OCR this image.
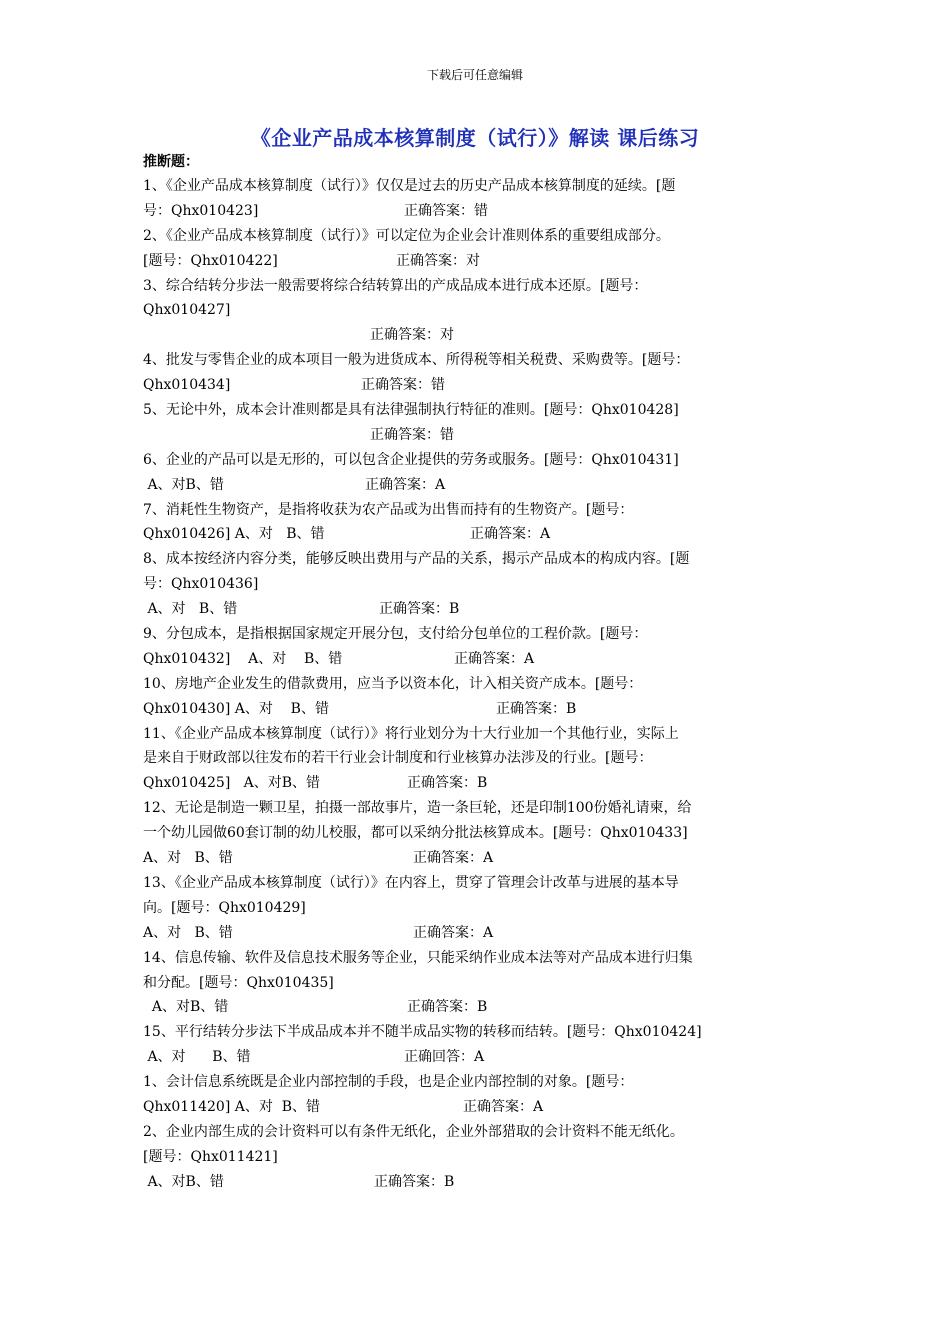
下载后可任意编辑
《企业产品成本核算制度（试行）》解读 课后练习
推断题：
1、《企业产品成本核算制度（试行）》仅仅是过去的历史产品成本核算制度的延续。[题
号：Qhx010423]	正确答案：错
2、《企业产品成本核算制度（试行）》可以定位为企业会计准则体系的重要组成部分。
[题号：Qhx010422]	正确答案：对
3、综合结转分步法一般需要将综合结转算出的产成品成本进行成本还原。[题号：
Qhx010427]
正确答案：对
4、批发与零售企业的成本项目一般为进货成本、所得税等相关税费、采购费等。[题号：
Qhx010434]	正确答案：错
5、无论中外，成本会计准则都是具有法律强制执行特征的准则。[题号：Qhx010428]
正确答案：错
6、企业的产品可以是无形的，可以包含企业提供的劳务或服务。[题号：Qhx010431]
A、对B、错	正确答案：A
7、消耗性生物资产，是指将收获为农产品或为出售而持有的生物资产。[题号：
Qhx010426] A、对   B、错	正确答案：A
8、成本按经济内容分类，能够反映出费用与产品的关系，揭示产品成本的构成内容。[题
号：Qhx010436]
A、对   B、错	正确答案：B
9、分包成本，是指根据国家规定开展分包，支付给分包单位的工程价款。[题号：
Qhx010432]    A、对    B、错	正确答案：A
10、房地产企业发生的借款费用，应当予以资本化，计入相关资产成本。[题号：
Qhx010430] A、对    B、错	正确答案：B
11、《企业产品成本核算制度（试行）》将行业划分为十大行业加一个其他行业，实际上
是来自于财政部以往发布的若干行业会计制度和行业核算办法涉及的行业。[题号：
Qhx010425]   A、对B、错	正确答案：B
12、无论是制造一颗卫星，拍摄一部故事片，造一条巨轮，还是印制100份婚礼请柬，给
一个幼儿园做60套订制的幼儿校服，都可以采纳分批法核算成本。[题号：Qhx010433]
A、对   B、错	正确答案：A
13、《企业产品成本核算制度（试行）》在内容上，贯穿了管理会计改革与进展的基本导
向。[题号：Qhx010429]
A、对   B、错	正确答案：A
14、信息传输、软件及信息技术服务等企业，只能采纳作业成本法等对产品成本进行归集
和分配。[题号：Qhx010435]
A、对B、错	正确答案：B
15、平行结转分步法下半成品成本并不随半成品实物的转移而结转。[题号：Qhx010424]
A、对      B、错	正确回答：A
1、会计信息系统既是企业内部控制的手段，也是企业内部控制的对象。[题号：
Qhx011420] A、对  B、错	正确答案：A
2、企业内部生成的会计资料可以有条件无纸化，企业外部猎取的会计资料不能无纸化。
[题号：Qhx011421]
A、对B、错	正确答案：B
